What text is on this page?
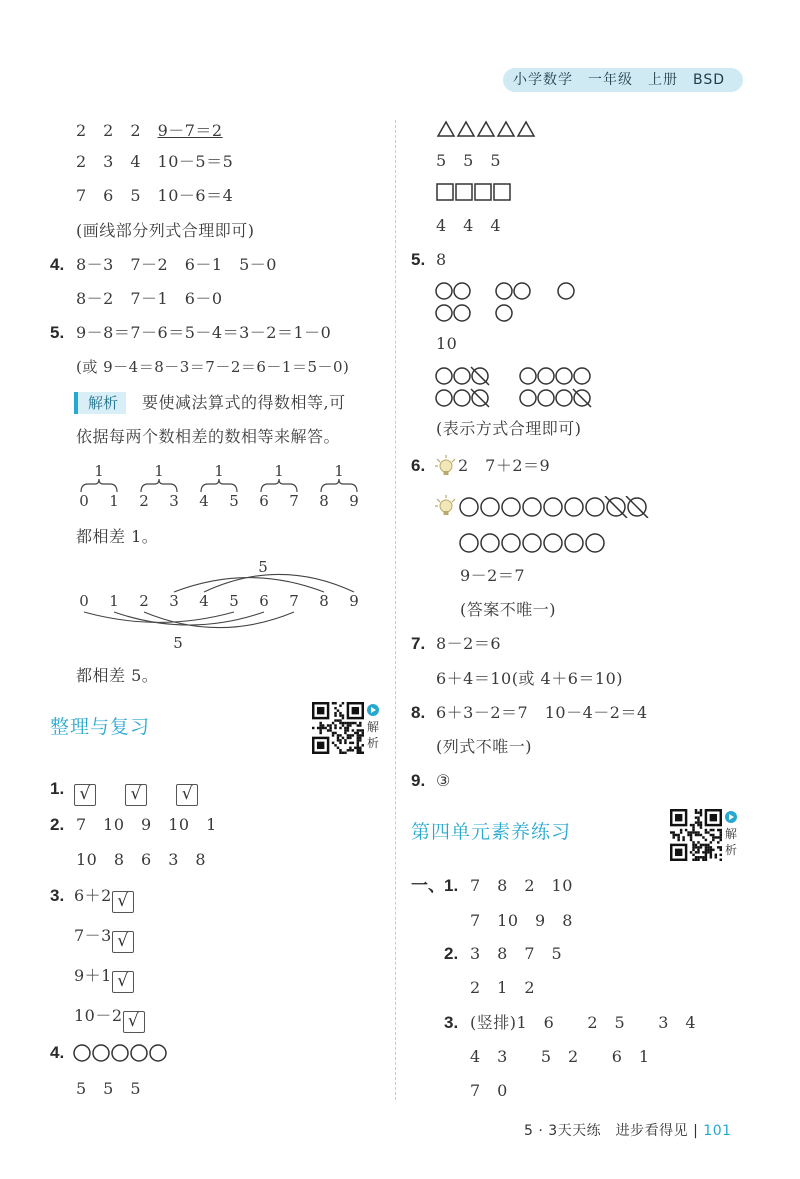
小学数学　一年级　上册　BSD
2　2　2　 9－7＝2
2　3　4　10－5＝5
7　6　5　10－6＝4
(画线部分列式合理即可)
4. 8－3　7－2　6－1　5－0
8－2　7－1　6－0
5. 9－8＝7－6＝5－4＝3－2＝1－0
(或 9－4＝8－3＝7－2＝6－1＝5－0)
解析	要使减法算式的得数相等,可
依据每两个数相差的数相等来解答。
1
0 1
1
2 3
1
4 5
1
6 7
1
8 9
都相差 1。
0 1 2 3 4 5 6 7 8 9
5
5
都相差 5。
整理与复习	解
析
1. √ √ √
2. 7　10　9　10　1
10　8　6　3　8
3. 6＋2 √
7－3 √
9＋1 √
10－2 √
4.
5　5　5
5　5　5
4　4　4
5. 8
10
(表示方式合理即可)
6. 2　7＋2＝9
9－2＝7
(答案不唯一)
7. 8－2＝6
6＋4＝10(或 4＋6＝10)
8. 6＋3－2＝7　10－4－2＝4
(列式不唯一)
9. ③
第四单元素养练习	解
析
一、 1. 7　8　2　10
7　10　9　8
2. 3　8　7　5
2　1　2
3. (竖排)1　6　　2　5　　3　4
4　3　　5　2　　6　1
7　0
5 · 3天天练　进步看得见 | 101
